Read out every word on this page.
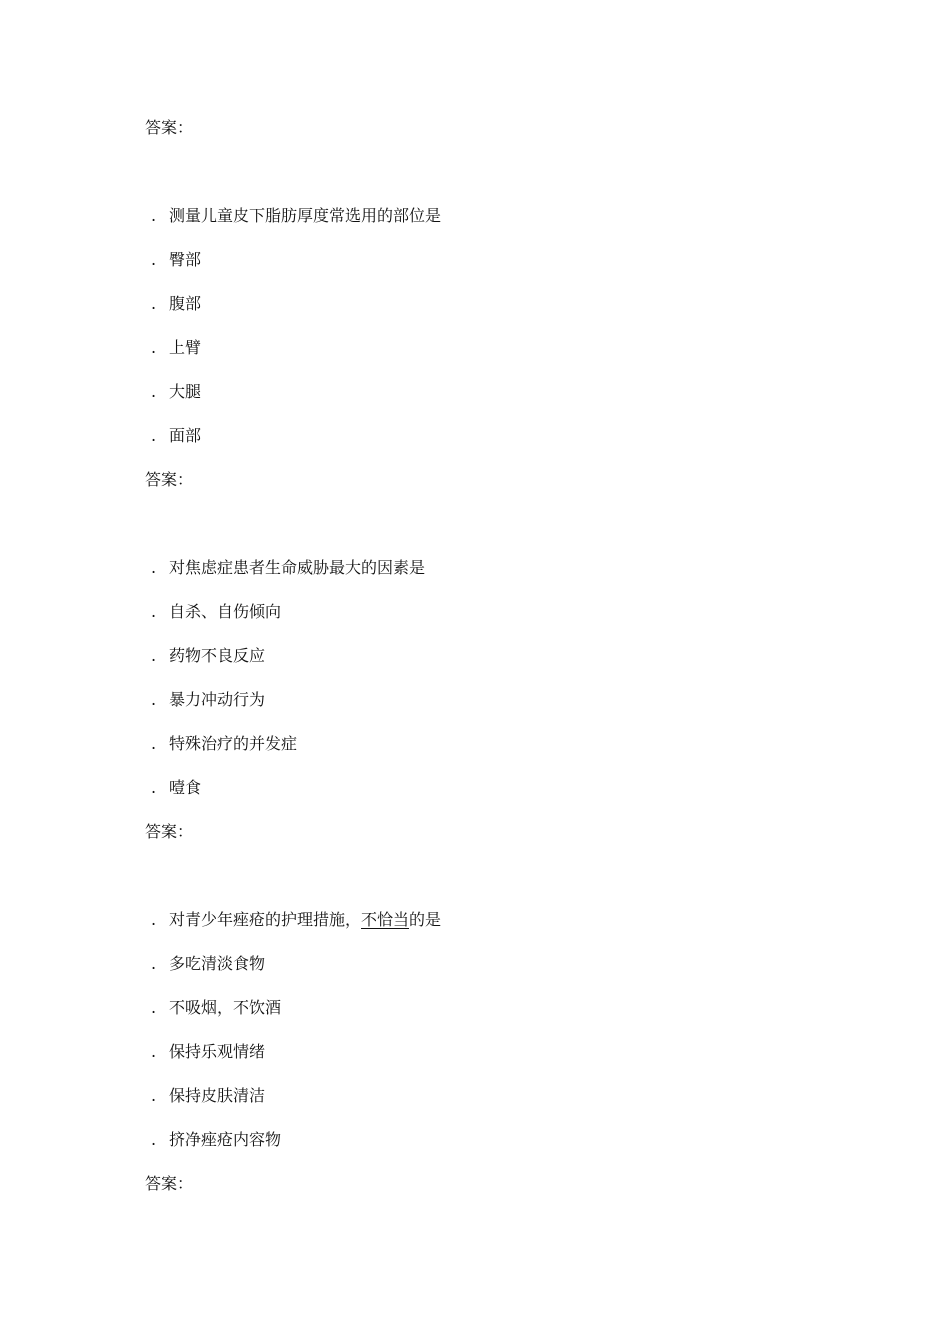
答案：
. 测量儿童皮下脂肪厚度常选用的部位是
. 臀部
. 腹部
. 上臂
. 大腿
. 面部
答案：
. 对焦虑症患者生命威胁最大的因素是
. 自杀、自伤倾向
. 药物不良反应
. 暴力冲动行为
. 特殊治疗的并发症
. 噎食
答案：
. 对青少年痤疮的护理措施，不恰当的是
. 多吃清淡食物
. 不吸烟，不饮酒
. 保持乐观情绪
. 保持皮肤清洁
. 挤净痤疮内容物
答案：
